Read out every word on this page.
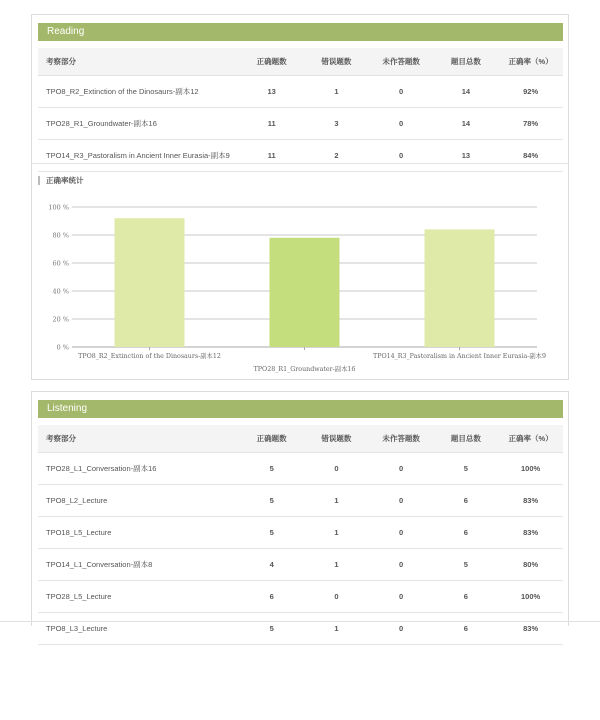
Reading
考察部分	正确题数	错误题数	未作答题数	题目总数	正确率（%）
TPO8_R2_Extinction of the Dinosaurs-副本12	13	1	0	14	92%
TPO28_R1_Groundwater-副本16	11	3	0	14	78%
TPO14_R3_Pastoralism in Ancient Inner Eurasia-副本9	11	2	0	13	84%
正确率统计
0 %
20 %
40 %
60 %
80 %
100 %
TPO8_R2_Extinction of the Dinosaurs-副本12
TPO28_R1_Groundwater-副本16
TPO14_R3_Pastoralism in Ancient Inner Eurasia-副本9
Listening
考察部分	正确题数	错误题数	未作答题数	题目总数	正确率（%）
TPO28_L1_Conversation-副本16	5	0	0	5	100%
TPO8_L2_Lecture	5	1	0	6	83%
TPO18_L5_Lecture	5	1	0	6	83%
TPO14_L1_Conversation-副本8	4	1	0	5	80%
TPO28_L5_Lecture	6	0	0	6	100%
TPO8_L3_Lecture	5	1	0	6	83%
